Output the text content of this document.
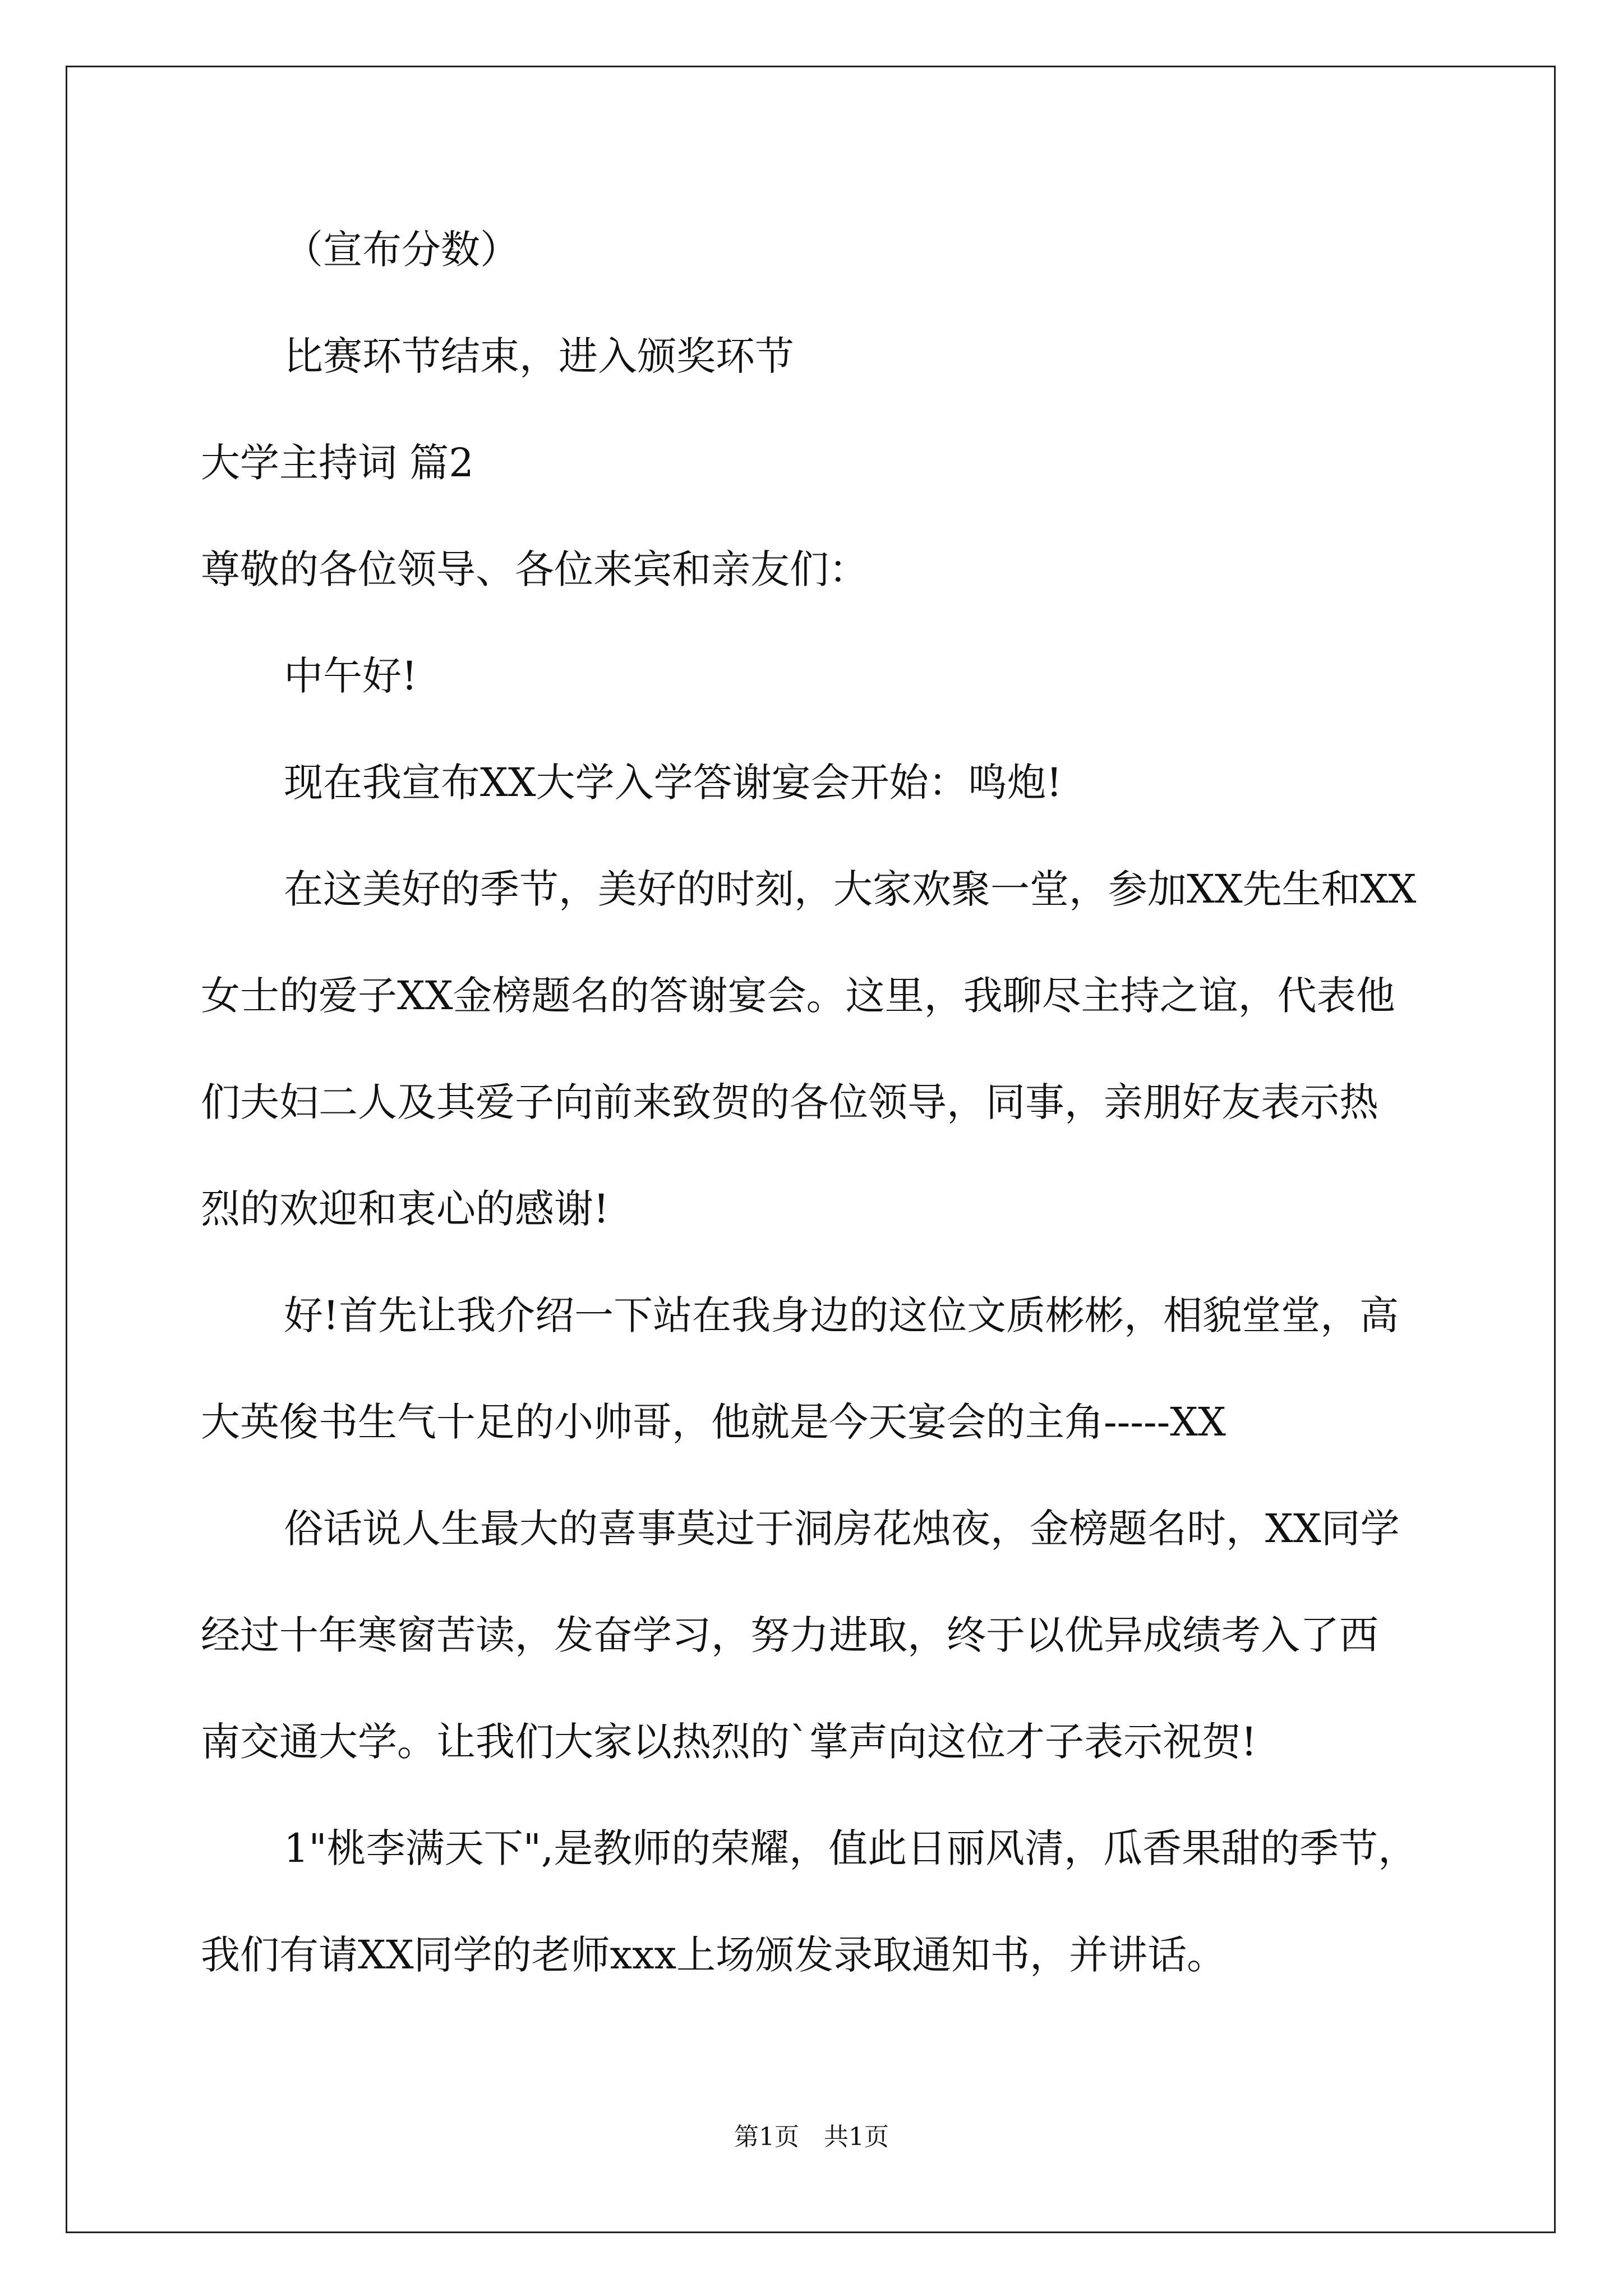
（宣布分数）
比赛环节结束，进入颁奖环节
大学主持词 篇2
尊敬的各位领导、各位来宾和亲友们：
中午好!
现在我宣布XX大学入学答谢宴会开始：鸣炮!
在这美好的季节，美好的时刻，大家欢聚一堂，参加XX先生和XX
女士的爱子XX金榜题名的答谢宴会。这里，我聊尽主持之谊，代表他
们夫妇二人及其爱子向前来致贺的各位领导，同事，亲朋好友表示热
烈的欢迎和衷心的感谢!
好!首先让我介绍一下站在我身边的这位文质彬彬，相貌堂堂，高
大英俊书生气十足的小帅哥，他就是今天宴会的主角-----XX
俗话说人生最大的喜事莫过于洞房花烛夜，金榜题名时，XX同学
经过十年寒窗苦读，发奋学习，努力进取，终于以优异成绩考入了西
南交通大学。让我们大家以热烈的`掌声向这位才子表示祝贺!
1"桃李满天下",是教师的荣耀，值此日丽风清，瓜香果甜的季节，
我们有请XX同学的老师xxx上场颁发录取通知书，并讲话。
第1页 共1页
